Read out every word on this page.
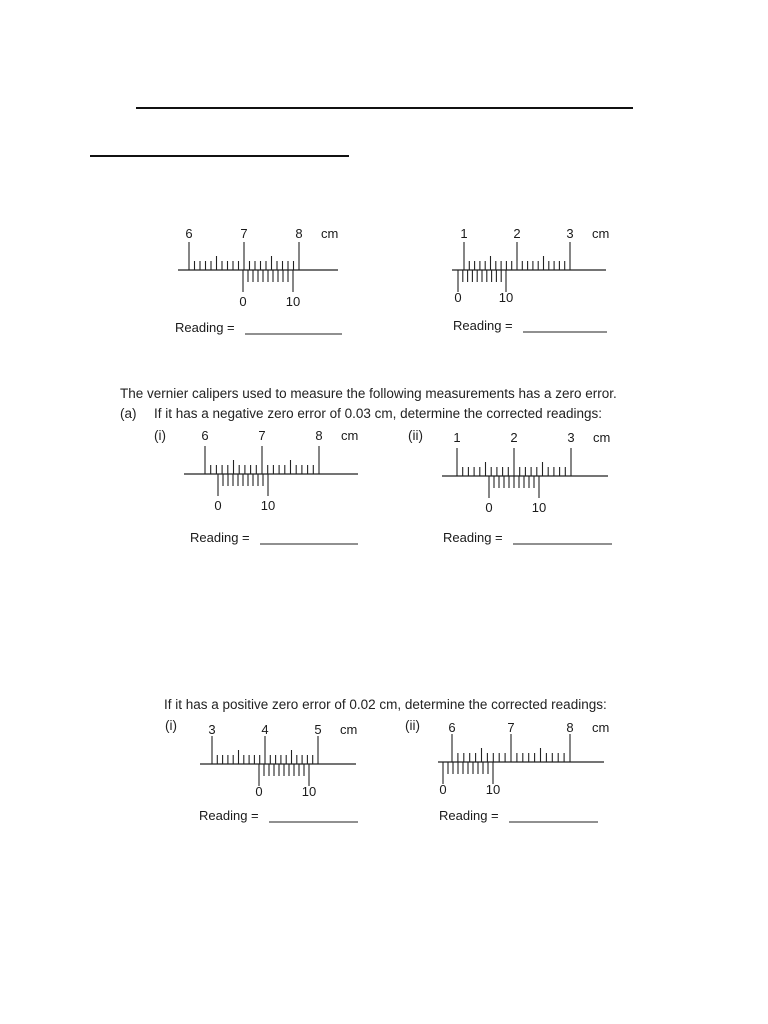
6	7	8 cm
0	10
Reading =
1	2	3 cm
0	10
Reading =
The vernier calipers used to measure the following measurements has a zero error.
(a) If it has a negative zero error of 0.03 cm, determine the corrected readings:
(i)	(ii)
6	7	8 cm
0	10
Reading =
1	2	3 cm
0	10
Reading =
If it has a positive zero error of 0.02 cm, determine the corrected readings:
(i)	(ii)
3	4	5 cm
0	10
Reading =
6	7	8 cm
0	10
Reading =
